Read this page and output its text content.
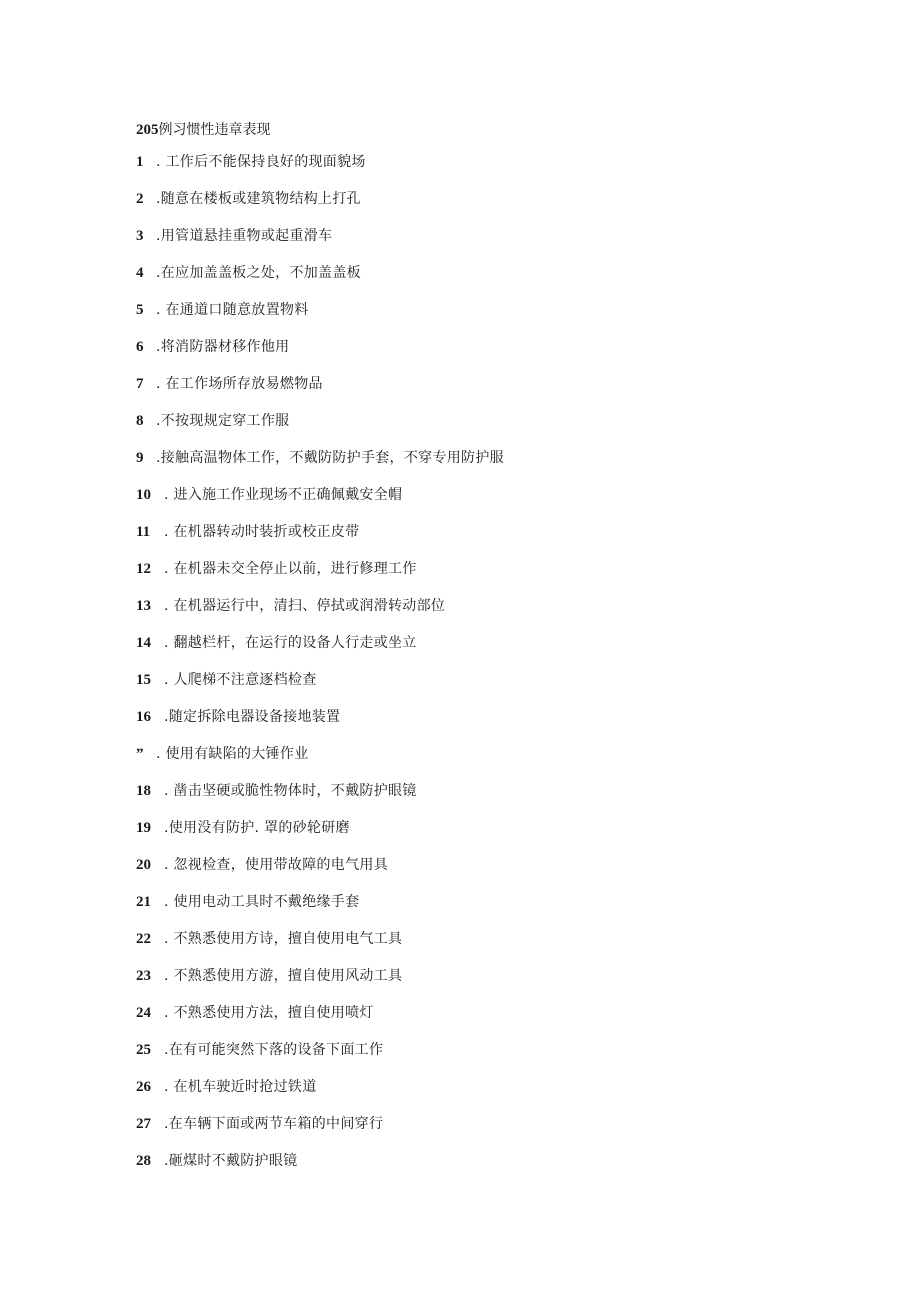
205例习惯性违章表现
1 . 工作后不能保持良好的现面貌场
2 .随意在楼板或建筑物结构上打孔
3 .用管道悬挂重物或起重滑车
4 .在应加盖盖板之处，不加盖盖板
5 . 在通道口随意放置物料
6 .将消防器材移作他用
7 . 在工作场所存放易燃物品
8 .不按现规定穿工作服
9 .接触高温物体工作，不戴防防护手套，不穿专用防护服
10 . 进入施工作业现场不正确佩戴安全帽
11 . 在机器转动时装折或校正皮带
12 . 在机器未交全停止以前，进行修理工作
13 . 在机器运行中，清扫、停拭或润滑转动部位
14 . 翻越栏杆，在运行的设备人行走或坐立
15 . 人爬梯不注意逐档检查
16 .随定拆除电器设备接地装置
” . 使用有缺陷的大锤作业
18 . 凿击坚硬或脆性物体时，不戴防护眼镜
19 .使用没有防护. 罩的砂轮研磨
20 . 忽视检查，使用带故障的电气用具
21 . 使用电动工具时不戴绝缘手套
22 . 不熟悉使用方诗，擅自使用电气工具
23 . 不熟悉使用方游，擅自使用风动工具
24 . 不熟悉使用方法，擅自使用喷灯
25 .在有可能突然下落的设备下面工作
26 . 在机车驶近时抢过铁道
27 .在车辆下面或两节车箱的中间穿行
28 .砸煤时不戴防护眼镜
